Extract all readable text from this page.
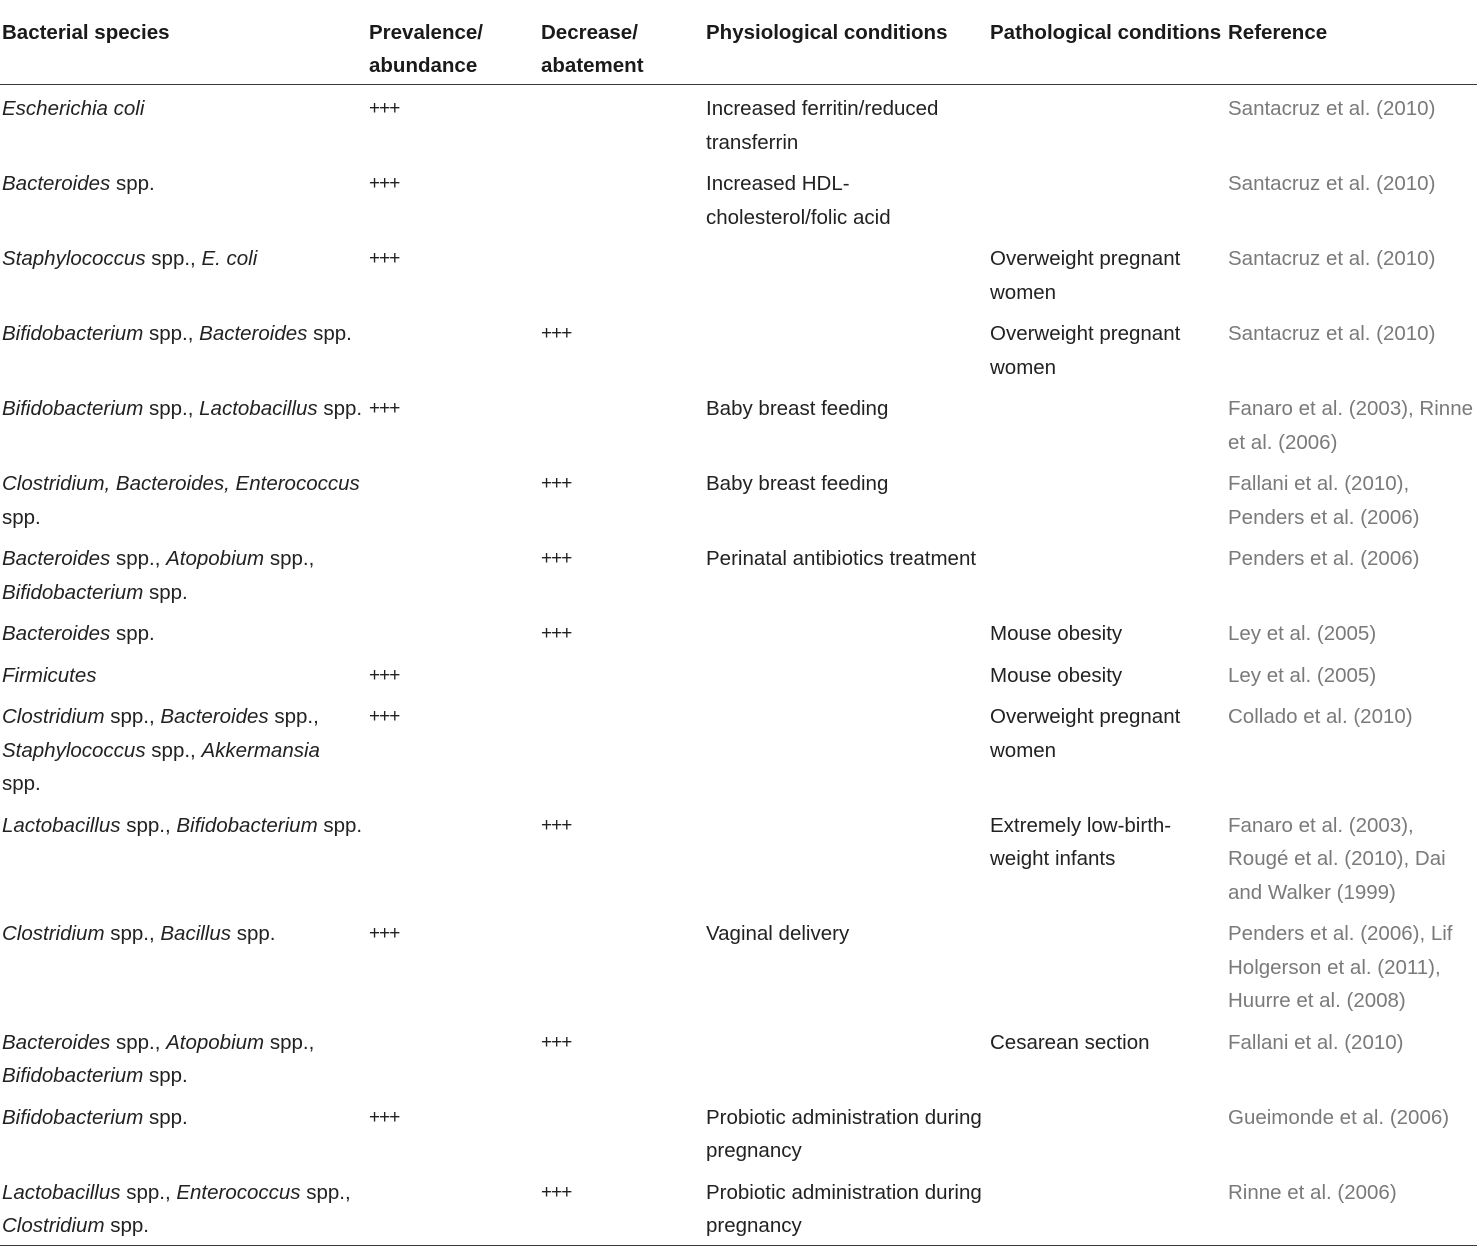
Bacterial species	Prevalence/ abundance	Decrease/ abatement	Physiological conditions	Pathological conditions	Reference
Escherichia coli	+++		Increased ferritin/reduced transferrin		Santacruz et al. (2010)
Bacteroides spp.	+++		Increased HDL-cholesterol/folic acid		Santacruz et al. (2010)
Staphylococcus spp., E. coli	+++			Overweight pregnant women	Santacruz et al. (2010)
Bifidobacterium spp., Bacteroides spp.		+++		Overweight pregnant women	Santacruz et al. (2010)
Bifidobacterium spp., Lactobacillus spp.	+++		Baby breast feeding		Fanaro et al. (2003), Rinne et al. (2006)
Clostridium, Bacteroides, Enterococcus spp.		+++	Baby breast feeding		Fallani et al. (2010), Penders et al. (2006)
Bacteroides spp., Atopobium spp., Bifidobacterium spp.		+++	Perinatal antibiotics treatment		Penders et al. (2006)
Bacteroides spp.		+++		Mouse obesity	Ley et al. (2005)
Firmicutes	+++			Mouse obesity	Ley et al. (2005)
Clostridium spp., Bacteroides spp., Staphylococcus spp., Akkermansia spp.	+++			Overweight pregnant women	Collado et al. (2010)
Lactobacillus spp., Bifidobacterium spp.		+++		Extremely low-birth-weight infants	Fanaro et al. (2003), Rougé et al. (2010), Dai and Walker (1999)
Clostridium spp., Bacillus spp.	+++		Vaginal delivery		Penders et al. (2006), Lif Holgerson et al. (2011), Huurre et al. (2008)
Bacteroides spp., Atopobium spp., Bifidobacterium spp.		+++		Cesarean section	Fallani et al. (2010)
Bifidobacterium spp.	+++		Probiotic administration during pregnancy		Gueimonde et al. (2006)
Lactobacillus spp., Enterococcus spp., Clostridium spp.		+++	Probiotic administration during pregnancy		Rinne et al. (2006)
